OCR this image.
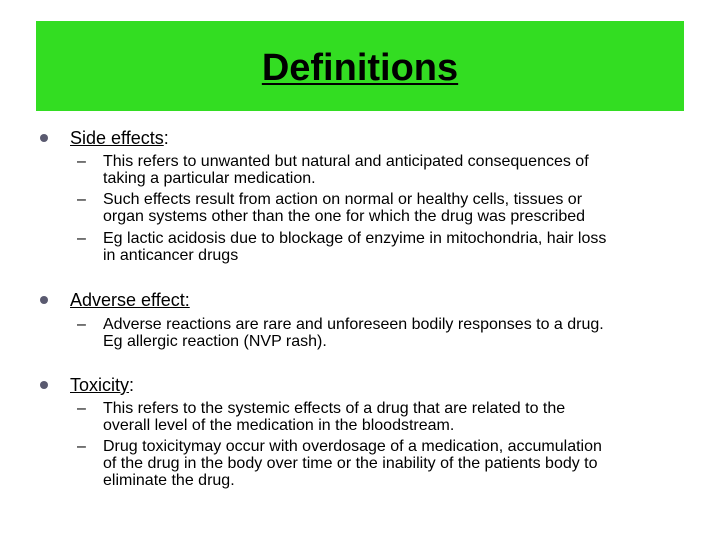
Definitions
Side effects:
– This refers to unwanted but natural and anticipated consequences of
taking a particular medication.
– Such effects result from action on normal or healthy cells, tissues or
organ systems other than the one for which the drug was prescribed
– Eg lactic acidosis due to blockage of enzyime in mitochondria, hair loss
in anticancer drugs
Adverse effect:
– Adverse reactions are rare and unforeseen bodily responses to a drug.
Eg allergic reaction (NVP rash).
Toxicity:
– This refers to the systemic effects of a drug that are related to the
overall level of the medication in the bloodstream.
– Drug toxicitymay occur with overdosage of a medication, accumulation
of the drug in the body over time or the inability of the patients body to
eliminate the drug.
